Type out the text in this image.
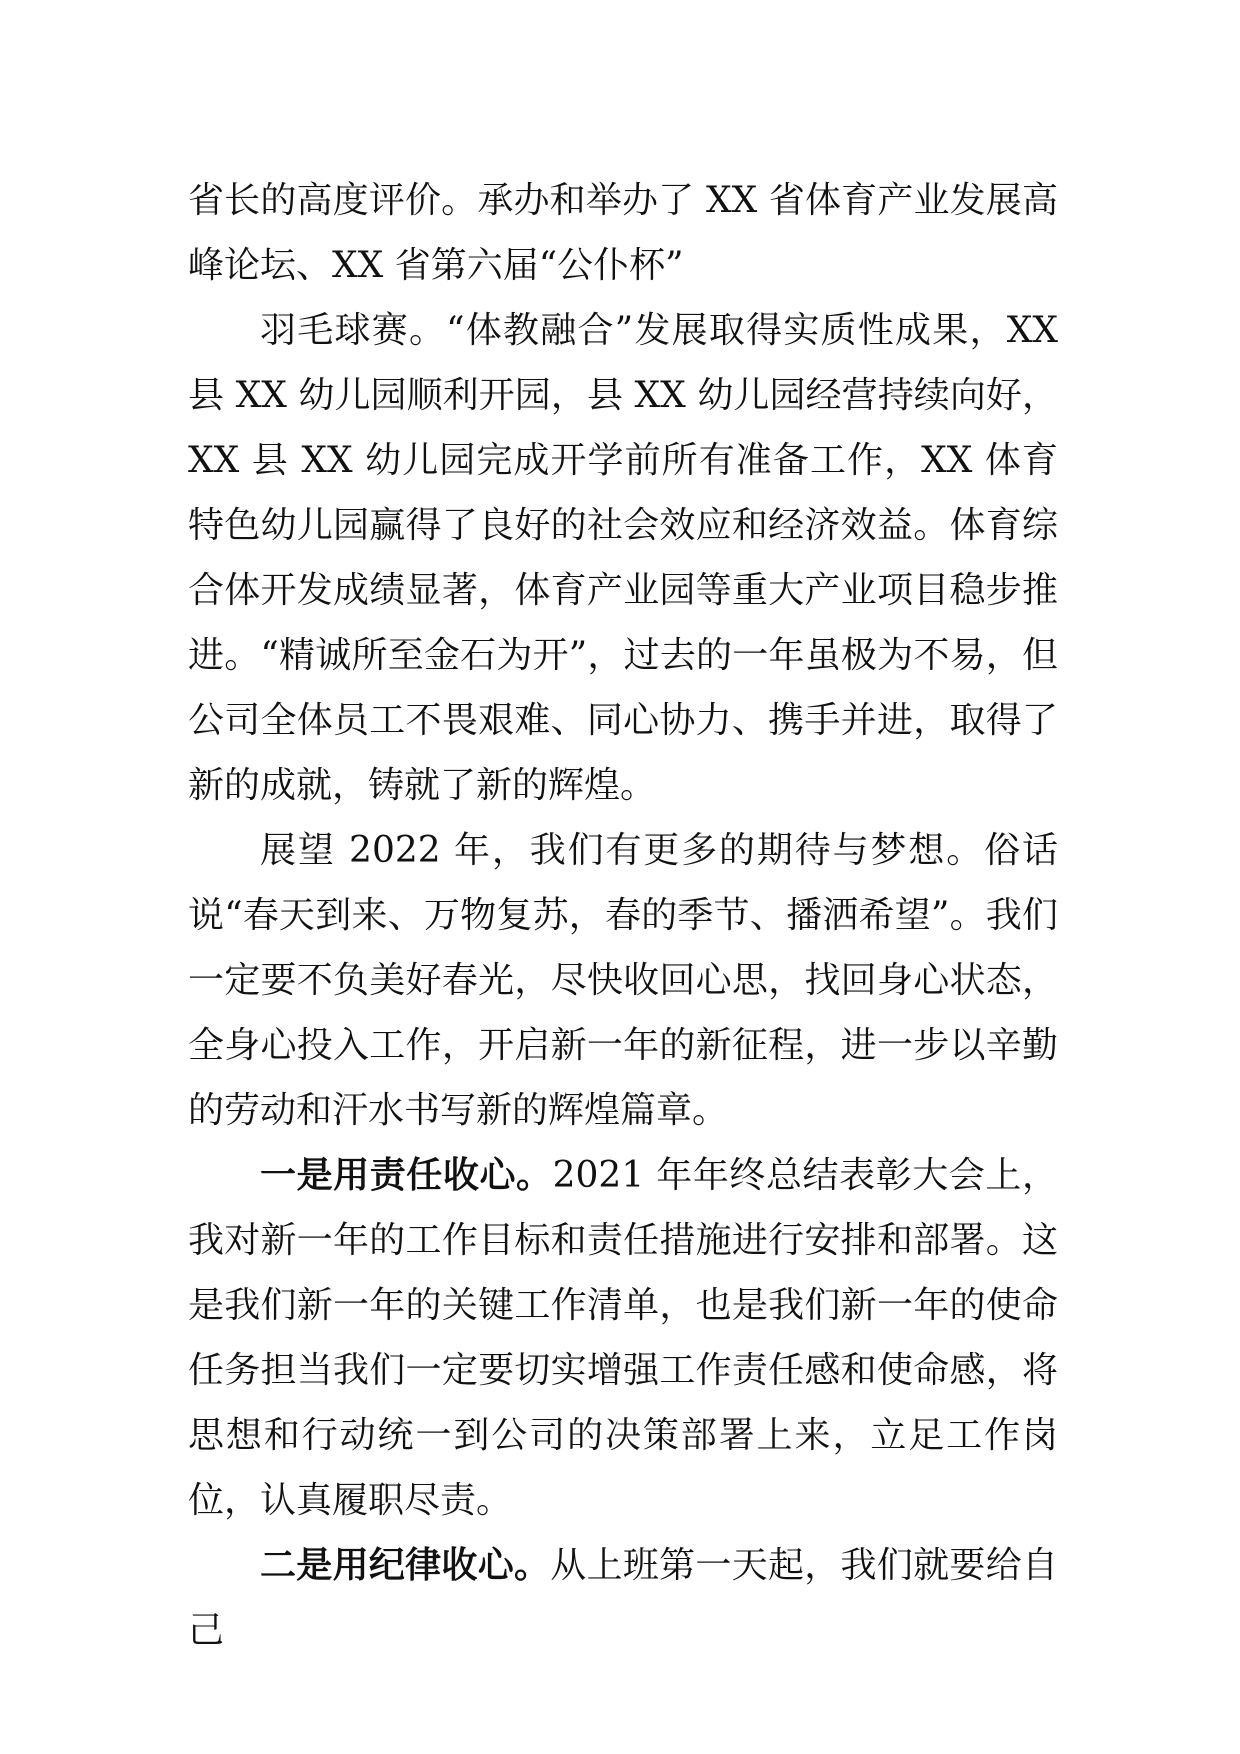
省长的高度评价。承办和举办了 XX 省体育产业发展高峰论坛、XX 省第六届“公仆杯”

羽毛球赛。“体教融合”发展取得实质性成果，XX 县 XX 幼儿园顺利开园，县 XX 幼儿园经营持续向好，XX 县 XX 幼儿园完成开学前所有准备工作，XX 体育特色幼儿园赢得了良好的社会效应和经济效益。体育综合体开发成绩显著，体育产业园等重大产业项目稳步推进。“精诚所至金石为开”，过去的一年虽极为不易，但公司全体员工不畏艰难、同心协力、携手并进，取得了新的成就，铸就了新的辉煌。

展望 2022 年，我们有更多的期待与梦想。俗话说“春天到来、万物复苏，春的季节、播洒希望”。我们一定要不负美好春光，尽快收回心思，找回身心状态，全身心投入工作，开启新一年的新征程，进一步以辛勤的劳动和汗水书写新的辉煌篇章。

一是用责任收心。2021 年年终总结表彰大会上，我对新一年的工作目标和责任措施进行安排和部署。这是我们新一年的关键工作清单，也是我们新一年的使命任务担当我们一定要切实增强工作责任感和使命感，将思想和行动统一到公司的决策部署上来，立足工作岗位，认真履职尽责。

二是用纪律收心。从上班第一天起，我们就要给自己
